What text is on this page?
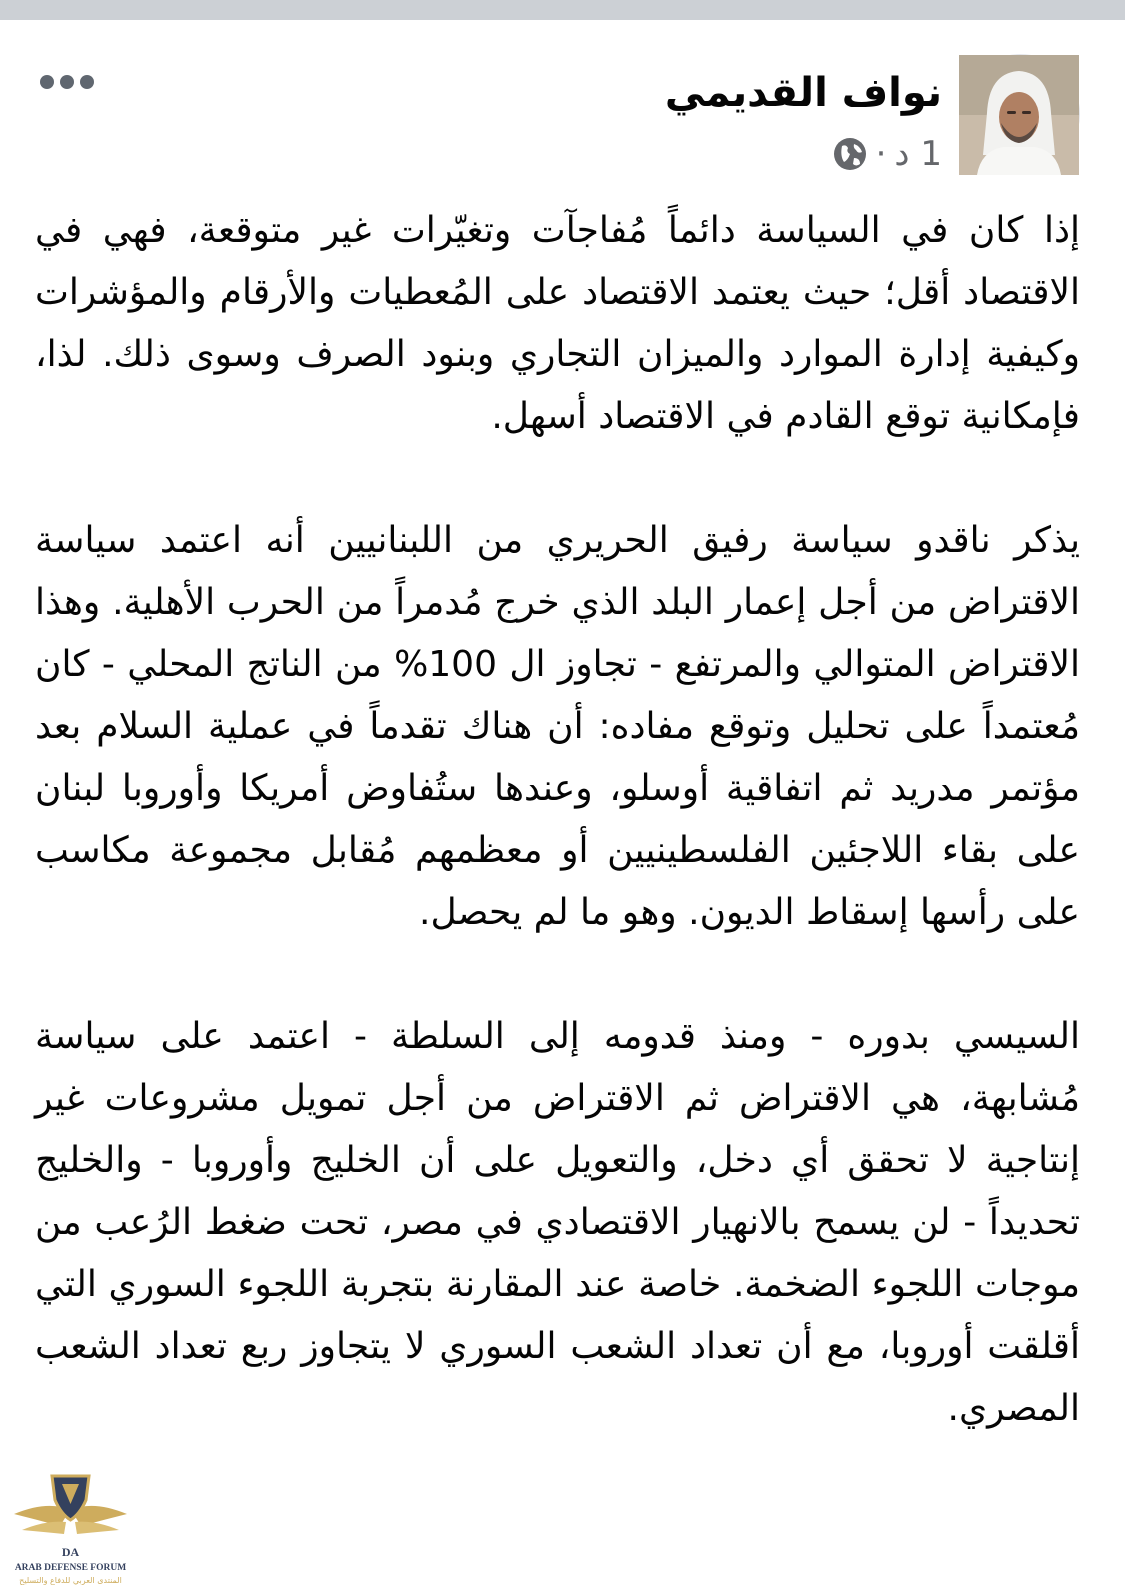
نواف القديمي
1 د
·

إذا كان في السياسة دائماً مُفاجآت وتغيّرات غير متوقعة، فهي في الاقتصاد أقل؛ حيث يعتمد الاقتصاد على المُعطيات والأرقام والمؤشرات وكيفية إدارة الموارد والميزان التجاري وبنود الصرف وسوى ذلك. لذا، فإمكانية توقع القادم في الاقتصاد أسهل.

يذكر ناقدو سياسة رفيق الحريري من اللبنانيين أنه اعتمد سياسة الاقتراض من أجل إعمار البلد الذي خرج مُدمراً من الحرب الأهلية. وهذا الاقتراض المتوالي والمرتفع - تجاوز ال 100% من الناتج المحلي - كان مُعتمداً على تحليل وتوقع مفاده: أن هناك تقدماً في عملية السلام بعد مؤتمر مدريد ثم اتفاقية أوسلو، وعندها ستُفاوض أمريكا وأوروبا لبنان على بقاء اللاجئين الفلسطينيين أو معظمهم مُقابل مجموعة مكاسب على رأسها إسقاط الديون. وهو ما لم يحصل.

السيسي بدوره - ومنذ قدومه إلى السلطة - اعتمد على سياسة مُشابهة، هي الاقتراض ثم الاقتراض من أجل تمويل مشروعات غير إنتاجية لا تحقق أي دخل، والتعويل على أن الخليج وأوروبا - والخليج تحديداً - لن يسمح بالانهيار الاقتصادي في مصر، تحت ضغط الرُعب من موجات اللجوء الضخمة. خاصة عند المقارنة بتجربة اللجوء السوري التي أقلقت أوروبا، مع أن تعداد الشعب السوري لا يتجاوز ربع تعداد الشعب المصري.

DA
ARAB DEFENSE FORUM
المنتدى العربي للدفاع والتسليح
